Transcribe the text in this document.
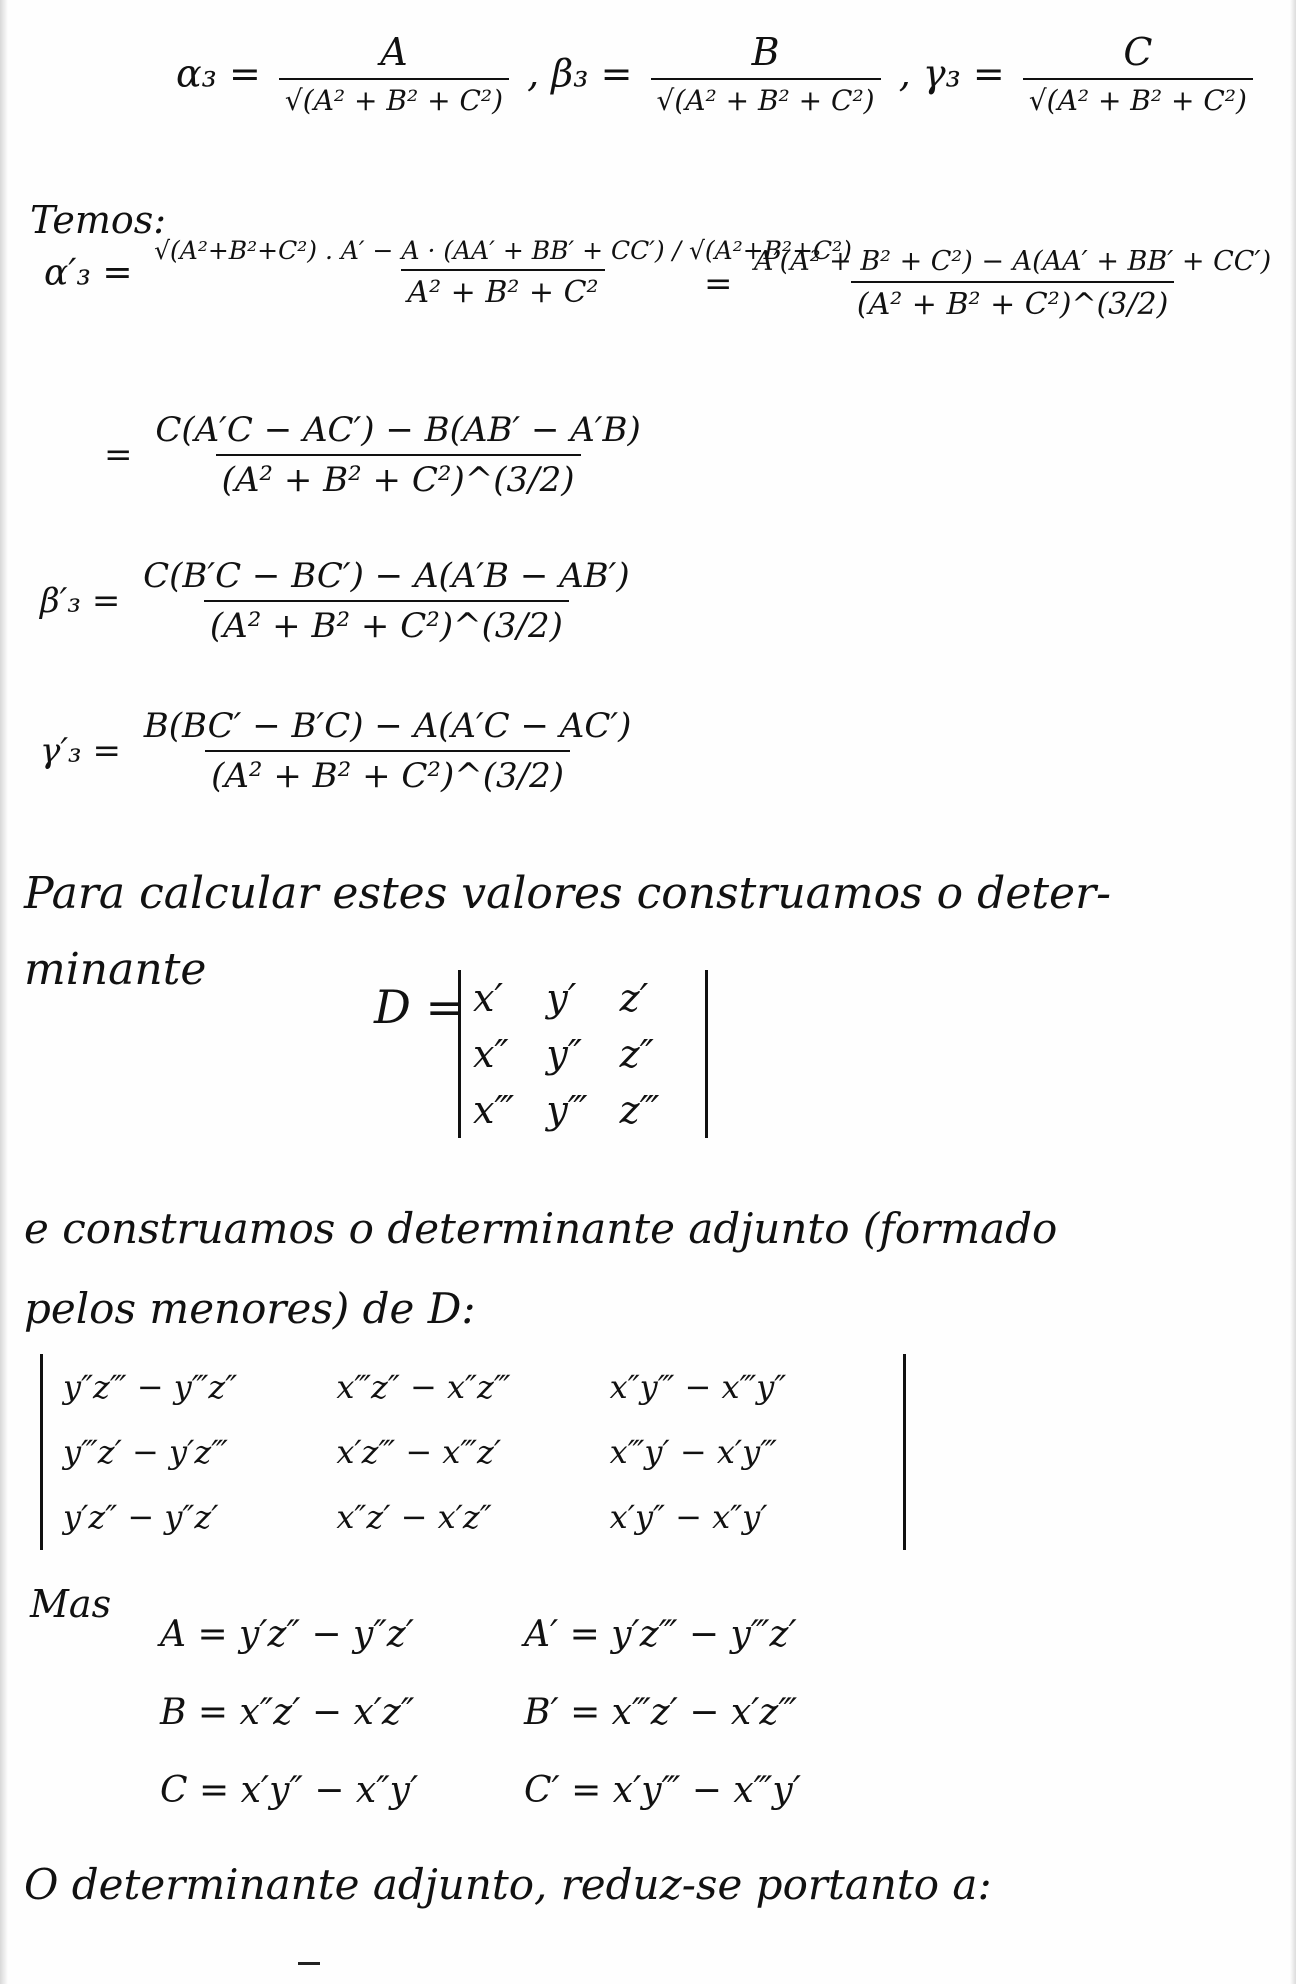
$\alpha_3 = \frac{A}{\text{√(A² + B² + C²)}}$ , $\beta_3 = \frac{B}{\text{√(A² + B² + C²)}}$ , $\gamma_3 = \frac{C}{\text{√(A² + B² + C²)}}$
Temos:
$\alpha'_3 = \frac{\text{√(A²+B²+C²) . A′ − A · (AA′ + BB′ + CC′) / √(A²+B²+C²)}}{\text{A² + B² + C²}}$
= $\frac{\text{A′(A² + B² + C²) − A(AA′ + BB′ + CC′)}}{\text{(A² + B² + C²)\textasciicircum{}(3/2)}}$
= $\frac{C(A'C - AC') - B(AB' - A'B)}{\text{(A² + B² + C²)\textasciicircum{}(3/2)}}$
$\beta'_3 = \frac{C(B'C - BC') - A(A'B - AB')}{\text{(A² + B² + C²)\textasciicircum{}(3/2)}}$
$\gamma'_3 = \frac{B(BC' - B'C) - A(A'C - AC')}{\text{(A² + B² + C²)\textasciicircum{}(3/2)}}$
Para calcular estes valores construamos o deter-
minante
D = x′	y′	z′
x″ y″ z″
x‴ y‴ z‴
e construamos o determinante adjunto (formado
pelos menores) de D:
y″z‴ − y‴z″	x‴z″ − x″z‴	x″y‴ − x‴y″
y‴z′ − y′z‴	x′z‴ − x‴z′	x‴y′ − x′y‴
y′z″ − y″z′	x″z′ − x′z″	x′y″ − x″y′
Mas
A = y′z″ − y″z′	A′ = y′z‴ − y‴z′
B = x″z′ − x′z″	B′ = x‴z′ − x′z‴
C = x′y″ − x″y′	C′ = x′y‴ − x‴y′
O determinante adjunto, reduz-se portanto a:
